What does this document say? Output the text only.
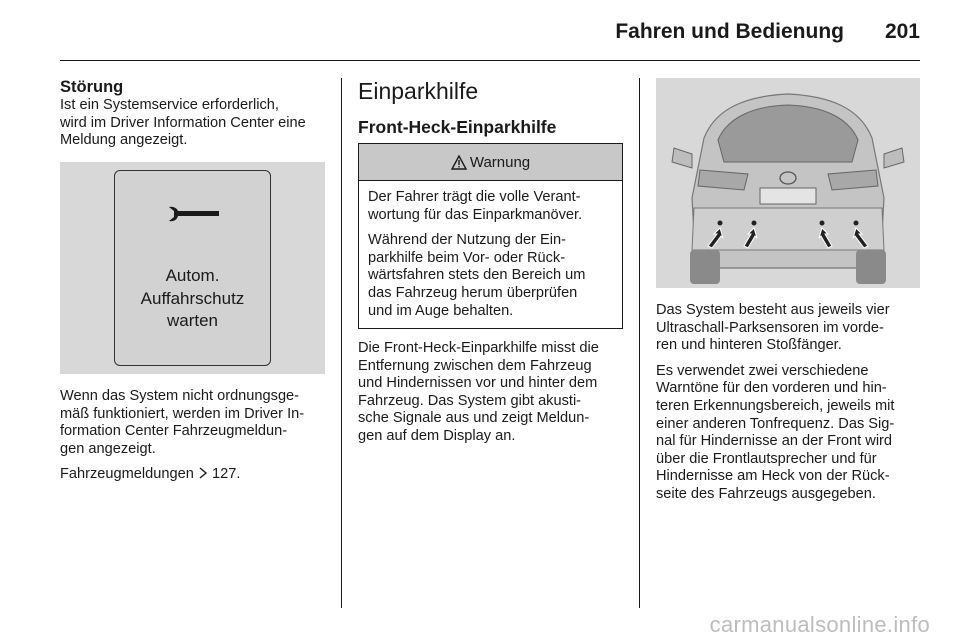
Fahren und Bedienung	201
Störung
Ist ein Systemservice erforderlich,
wird im Driver Information Center eine
Meldung angezeigt.
Autom.
Auffahrschutz
warten
Wenn das System nicht ordnungsge-
mäß funktioniert, werden im Driver In-
formation Center Fahrzeugmeldun-
gen angezeigt.
Fahrzeugmeldungen 127.
Einparkhilfe
Front-Heck-Einparkhilfe
Warnung
Der Fahrer trägt die volle Verant-
wortung für das Einparkmanöver.
Während der Nutzung der Ein-
parkhilfe beim Vor- oder Rück-
wärtsfahren stets den Bereich um
das Fahrzeug herum überprüfen
und im Auge behalten.
Die Front-Heck-Einparkhilfe misst die
Entfernung zwischen dem Fahrzeug
und Hindernissen vor und hinter dem
Fahrzeug. Das System gibt akusti-
sche Signale aus und zeigt Meldun-
gen auf dem Display an.
Das System besteht aus jeweils vier
Ultraschall-Parksensoren im vorde-
ren und hinteren Stoßfänger.
Es verwendet zwei verschiedene
Warntöne für den vorderen und hin-
teren Erkennungsbereich, jeweils mit
einer anderen Tonfrequenz. Das Sig-
nal für Hindernisse an der Front wird
über die Frontlautsprecher und für
Hindernisse am Heck von der Rück-
seite des Fahrzeugs ausgegeben.
carmanualsonline.info
